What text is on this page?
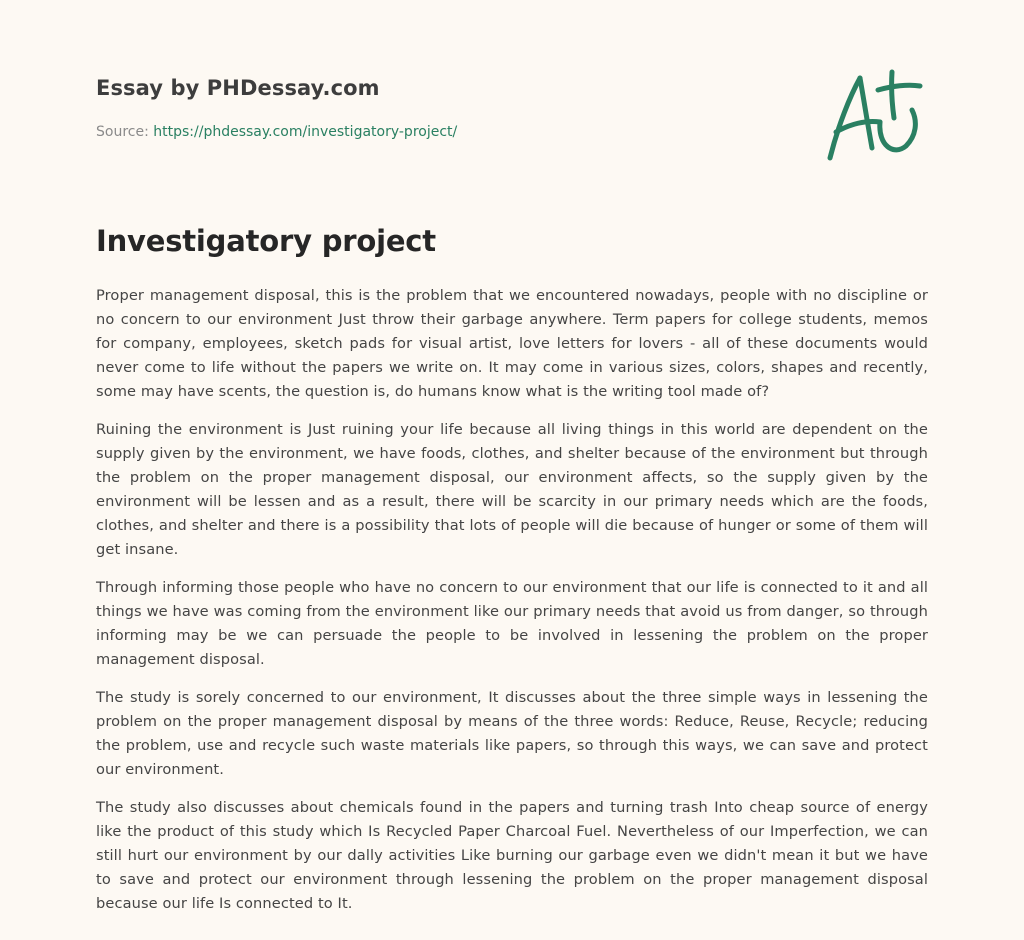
Essay by PHDessay.com
Source: https://phdessay.com/investigatory-project/
Investigatory project

Proper management disposal, this is the problem that we encountered nowadays, people with no discipline or no concern to our environment Just throw their garbage anywhere. Term papers for college students, memos for company, employees, sketch pads for visual artist, love letters for lovers - all of these documents would never come to life without the papers we write on. It may come in various sizes, colors, shapes and recently, some may have scents, the question is, do humans know what is the writing tool made of?

Ruining the environment is Just ruining your life because all living things in this world are dependent on the supply given by the environment, we have foods, clothes, and shelter because of the environment but through the problem on the proper management disposal, our environment affects, so the supply given by the environment will be lessen and as a result, there will be scarcity in our primary needs which are the foods, clothes, and shelter and there is a possibility that lots of people will die because of hunger or some of them will get insane.

Through informing those people who have no concern to our environment that our life is connected to it and all things we have was coming from the environment like our primary needs that avoid us from danger, so through informing may be we can persuade the people to be involved in lessening the problem on the proper management disposal.

The study is sorely concerned to our environment, It discusses about the three simple ways in lessening the problem on the proper management disposal by means of the three words: Reduce, Reuse, Recycle; reducing the problem, use and recycle such waste materials like papers, so through this ways, we can save and protect our environment.

The study also discusses about chemicals found in the papers and turning trash Into cheap source of energy like the product of this study which Is Recycled Paper Charcoal Fuel. Nevertheless of our Imperfection, we can still hurt our environment by our dally activities Like burning our garbage even we didn't mean it but we have to save and protect our environment through lessening the problem on the proper management disposal because our life Is connected to It.
